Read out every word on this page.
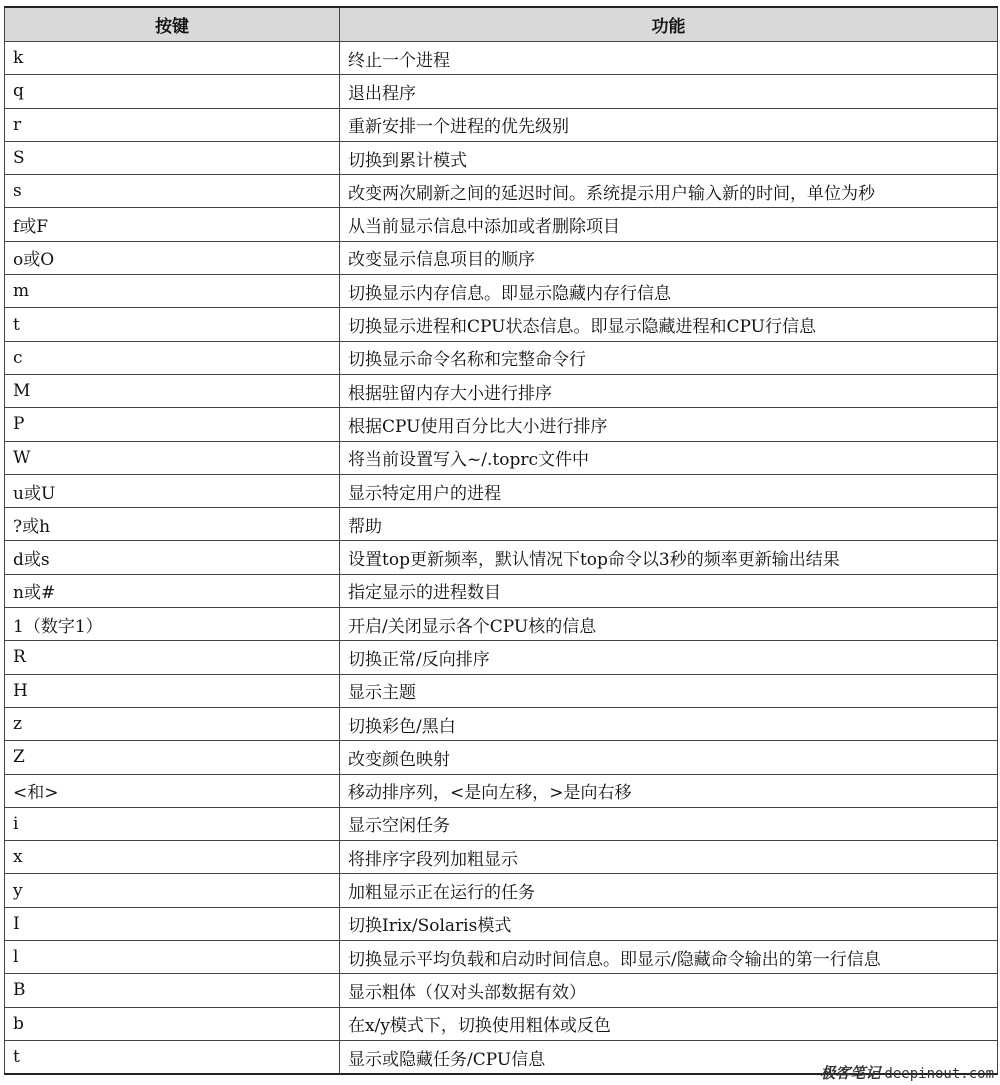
按键	功能
k	终止一个进程
q	退出程序
r	重新安排一个进程的优先级别
S	切换到累计模式
s	改变两次刷新之间的延迟时间。系统提示用户输入新的时间，单位为秒
f或F	从当前显示信息中添加或者删除项目
o或O	改变显示信息项目的顺序
m	切换显示内存信息。即显示隐藏内存行信息
t	切换显示进程和CPU状态信息。即显示隐藏进程和CPU行信息
c	切换显示命令名称和完整命令行
M	根据驻留内存大小进行排序
P	根据CPU使用百分比大小进行排序
W	将当前设置写入~/.toprc文件中
u或U	显示特定用户的进程
?或h	帮助
d或s	设置top更新频率，默认情况下top命令以3秒的频率更新输出结果
n或#	指定显示的进程数目
1（数字1）	开启/关闭显示各个CPU核的信息
R	切换正常/反向排序
H	显示主题
z	切换彩色/黑白
Z	改变颜色映射
<和>	移动排序列，<是向左移，>是向右移
i	显示空闲任务
x	将排序字段列加粗显示
y	加粗显示正在运行的任务
I	切换Irix/Solaris模式
l	切换显示平均负载和启动时间信息。即显示/隐藏命令输出的第一行信息
B	显示粗体（仅对头部数据有效）
b	在x/y模式下，切换使用粗体或反色
t	显示或隐藏任务/CPU信息
极客笔记 deepinout.com
